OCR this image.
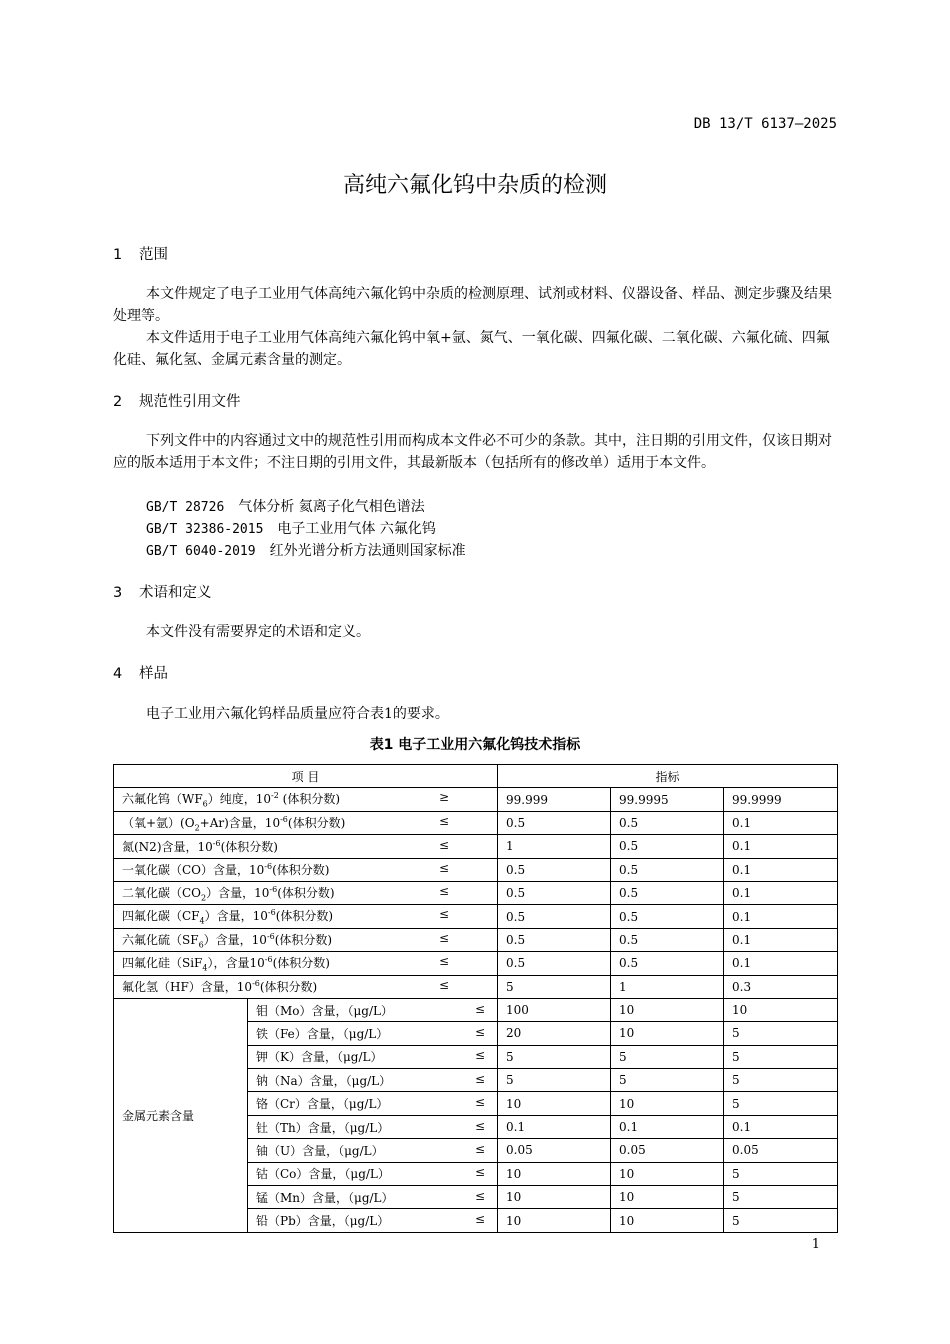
DB 13/T 6137—2025
高纯六氟化钨中杂质的检测
1 范围
本文件规定了电子工业用气体高纯六氟化钨中杂质的检测原理、试剂或材料、仪器设备、样品、测定步骤及结果处理等。
本文件适用于电子工业用气体高纯六氟化钨中氧+氩、氮气、一氧化碳、四氟化碳、二氧化碳、六氟化硫、四氟化硅、氟化氢、金属元素含量的测定。
2 规范性引用文件
下列文件中的内容通过文中的规范性引用而构成本文件必不可少的条款。其中，注日期的引用文件，仅该日期对应的版本适用于本文件；不注日期的引用文件，其最新版本（包括所有的修改单）适用于本文件。
GB/T 28726 气体分析 氦离子化气相色谱法
GB/T 32386-2015 电子工业用气体 六氟化钨
GB/T 6040-2019 红外光谱分析方法通则国家标准
3 术语和定义
本文件没有需要界定的术语和定义。
4 样品
电子工业用六氟化钨样品质量应符合表1的要求。
表1 电子工业用六氟化钨技术指标
项 目		指标		
六氟化钨$(WF_6)$纯度，$10^{-2}$ (体积分数) ≥		99.999	99.9995	99.9999
（氧+氩）$(O_2+Ar)$含量，$10^{-6}$(体积分数) ≤		0.5	0.5	0.1
氮(N2)含量，$10^{-6}$(体积分数) ≤		1	0.5	0.1
一氧化碳（CO）含量，$10^{-6}$(体积分数) ≤		0.5	0.5	0.1
二氧化碳$(CO_2)$含量，$10^{-6}$(体积分数) ≤		0.5	0.5	0.1
四氟化碳$(CF_4)$含量，$10^{-6}$(体积分数) ≤		0.5	0.5	0.1
六氟化硫$(SF_6)$含量，$10^{-6}$(体积分数) ≤		0.5	0.5	0.1
四氟化硅（SiF$_4$），含量$10^{-6}$(体积分数) ≤		0.5	0.5	0.1
氟化氢（HF）含量，$10^{-6}$(体积分数) ≤		5	1	0.3
金属元素含量	钼（Mo）含量，（μg/L） ≤	100	10	10
	铁（Fe）含量，（μg/L） ≤	20	10	5
	钾（K）含量，（μg/L） ≤	5	5	5
	钠（Na）含量，（μg/L） ≤	5	5	5
	铬（Cr）含量，（μg/L） ≤	10	10	5
	钍（Th）含量，（μg/L） ≤	0.1	0.1	0.1
	铀（U）含量，（μg/L） ≤	0.05	0.05	0.05
	钴（Co）含量，（μg/L） ≤	10	10	5
	锰（Mn）含量，（μg/L） ≤	10	10	5
	铅（Pb）含量，（μg/L） ≤	10	10	5
1
